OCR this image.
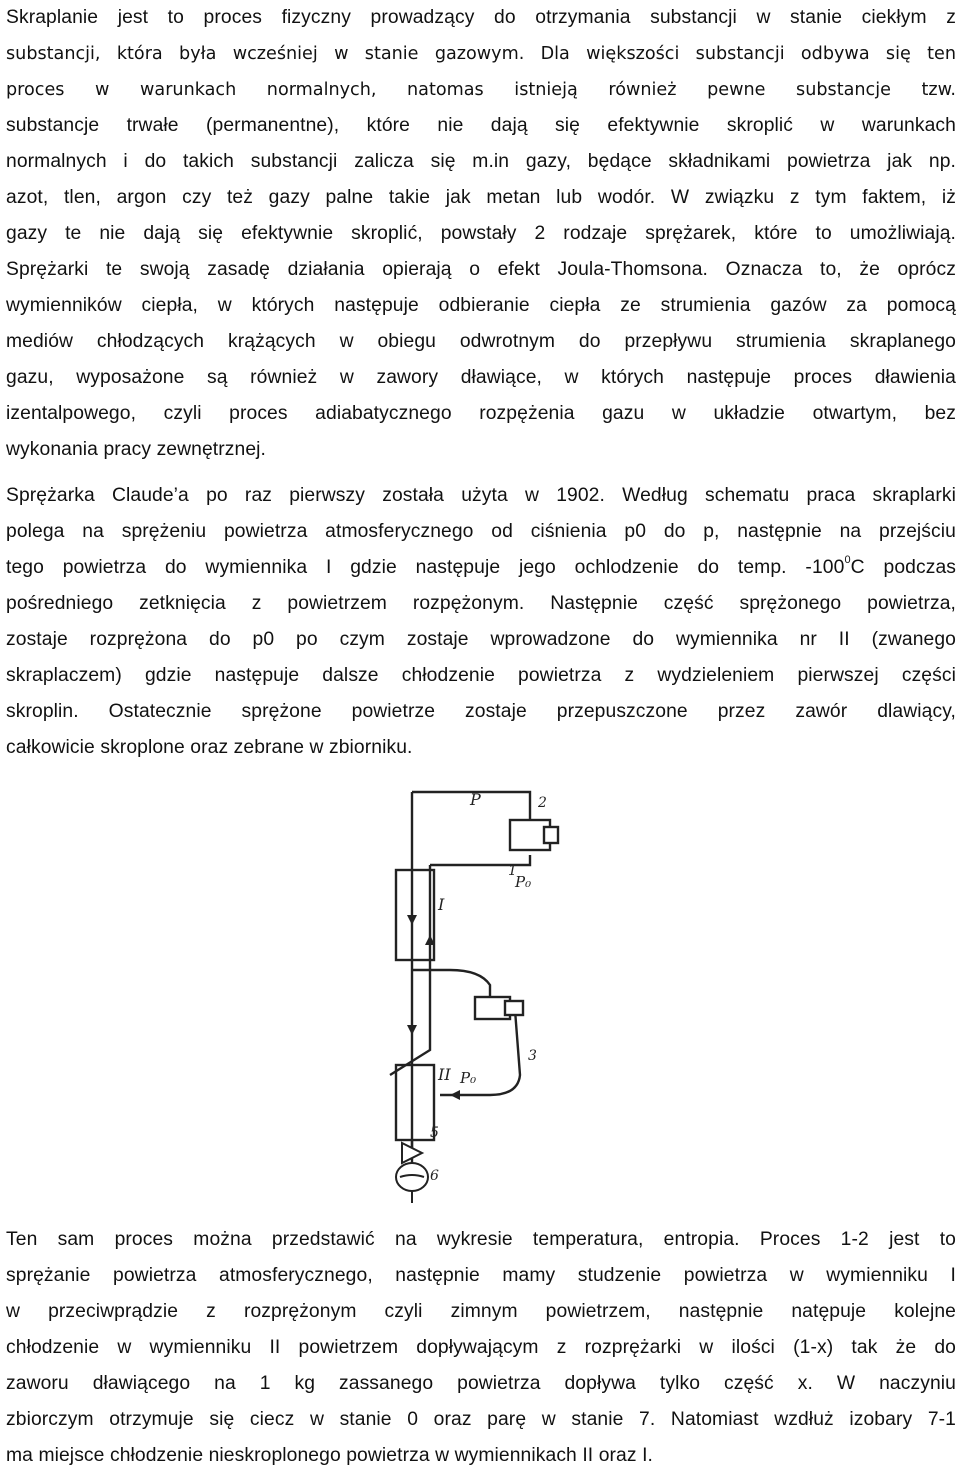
Skraplanie jest to proces fizyczny prowadzący do otrzymania substancji w stanie ciekłym z
substancji, która była wcześniej w stanie gazowym. Dla większości substancji odbywa się ten
proces w warunkach normalnych, natomas istnieją również pewne substancje tzw.
substancje trwałe (permanentne), które nie dają się efektywnie skroplić w warunkach
normalnych i do takich substancji zalicza się m.in gazy, będące składnikami powietrza jak np.
azot, tlen, argon czy też gazy palne takie jak metan lub wodór. W związku z tym faktem, iż
gazy te nie dają się efektywnie skroplić, powstały 2 rodzaje sprężarek, które to umożliwiają.
Sprężarki te swoją zasadę działania opierają o efekt Joula-Thomsona. Oznacza to, że oprócz
wymienników ciepła, w których następuje odbieranie ciepła ze strumienia gazów za pomocą
mediów chłodzących krążących w obiegu odwrotnym do przepływu strumienia skraplanego
gazu, wyposażone są również w zawory dławiące, w których następuje proces dławienia
izentalpowego, czyli proces adiabatycznego rozpężenia gazu w układzie otwartym, bez
wykonania pracy zewnętrznej.
Sprężarka Claude’a po raz pierwszy została użyta w 1902. Według schematu praca skraplarki
polega na sprężeniu powietrza atmosferycznego od ciśnienia p0 do p, następnie na przejściu
tego powietrza do wymiennika I gdzie następuje jego ochlodzenie do temp. $-100^0C$ podczas
pośredniego zetknięcia z powietrzem rozpężonym. Następnie część sprężonego powietrza,
zostaje rozprężona do p0 po czym zostaje wprowadzone do wymiennika nr II (zwanego
skraplaczem) gdzie następuje dalsze chłodzenie powietrza z wydzieleniem pierwszej części
skroplin. Ostatecznie sprężone powietrze zostaje przepuszczone przez zawór dlawiący,
całkowicie skroplone oraz zebrane w zbiorniku.
P
P₀
I
II P₀
1
2
3
5
6
Ten sam proces można przedstawić na wykresie temperatura, entropia. Proces 1-2 jest to
sprężanie powietrza atmosferycznego, następnie mamy studzenie powietrza w wymienniku I
w przeciwprądzie z rozprężonym czyli zimnym powietrzem, następnie natępuje kolejne
chłodzenie w wymienniku II powietrzem dopływającym z rozprężarki w ilości (1-x) tak że do
zaworu dławiącego na 1 kg zassanego powietrza dopływa tylko część x. W naczyniu
zbiorczym otrzymuje się ciecz w stanie 0 oraz parę w stanie 7. Natomiast wzdłuż izobary 7-1
ma miejsce chłodzenie nieskroplonego powietrza w wymiennikach II oraz I.
